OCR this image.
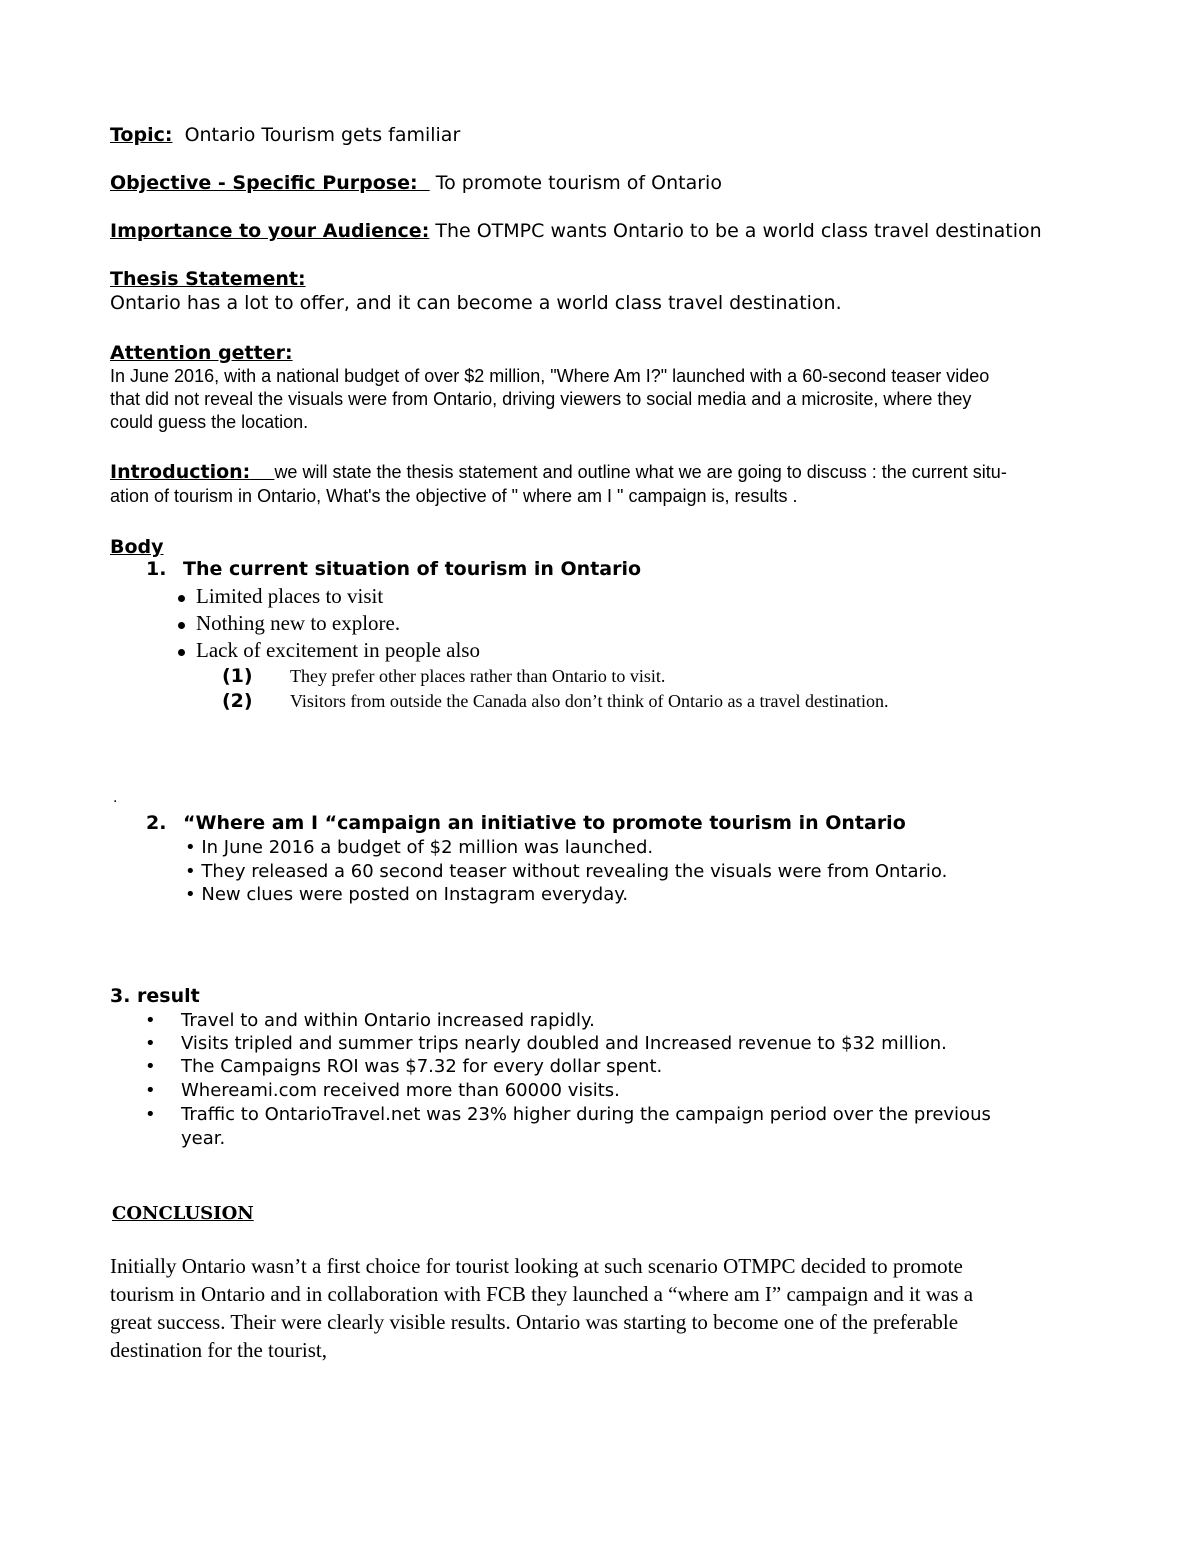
Topic: Ontario Tourism gets familiar
Objective - Specific Purpose: To promote tourism of Ontario
Importance to your Audience: The OTMPC wants Ontario to be a world class travel destination
Thesis Statement:
Ontario has a lot to offer, and it can become a world class travel destination.
Attention getter:
In June 2016, with a national budget of over $2 million, "Where Am I?" launched with a 60-second teaser video
that did not reveal the visuals were from Ontario, driving viewers to social media and a microsite, where they
could guess the location.
Introduction: we will state the thesis statement and outline what we are going to discuss : the current situ-
ation of tourism in Ontario, What's the objective of " where am I " campaign is, results .
Body
1. The current situation of tourism in Ontario
Limited places to visit
Nothing new to explore.
Lack of excitement in people also
(1) They prefer other places rather than Ontario to visit.
(2) Visitors from outside the Canada also don’t think of Ontario as a travel destination.
.
2. “Where am I “campaign an initiative to promote tourism in Ontario
• In June 2016 a budget of $2 million was launched.
• They released a 60 second teaser without revealing the visuals were from Ontario.
• New clues were posted on Instagram everyday.
3. result
• Travel to and within Ontario increased rapidly.
• Visits tripled and summer trips nearly doubled and Increased revenue to $32 million.
• The Campaigns ROI was $7.32 for every dollar spent.
• Whereami.com received more than 60000 visits.
• Traffic to OntarioTravel.net was 23% higher during the campaign period over the previous
year.
CONCLUSION
Initially Ontario wasn’t a first choice for tourist looking at such scenario OTMPC decided to promote
tourism in Ontario and in collaboration with FCB they launched a “where am I” campaign and it was a
great success. Their were clearly visible results. Ontario was starting to become one of the preferable
destination for the tourist,
